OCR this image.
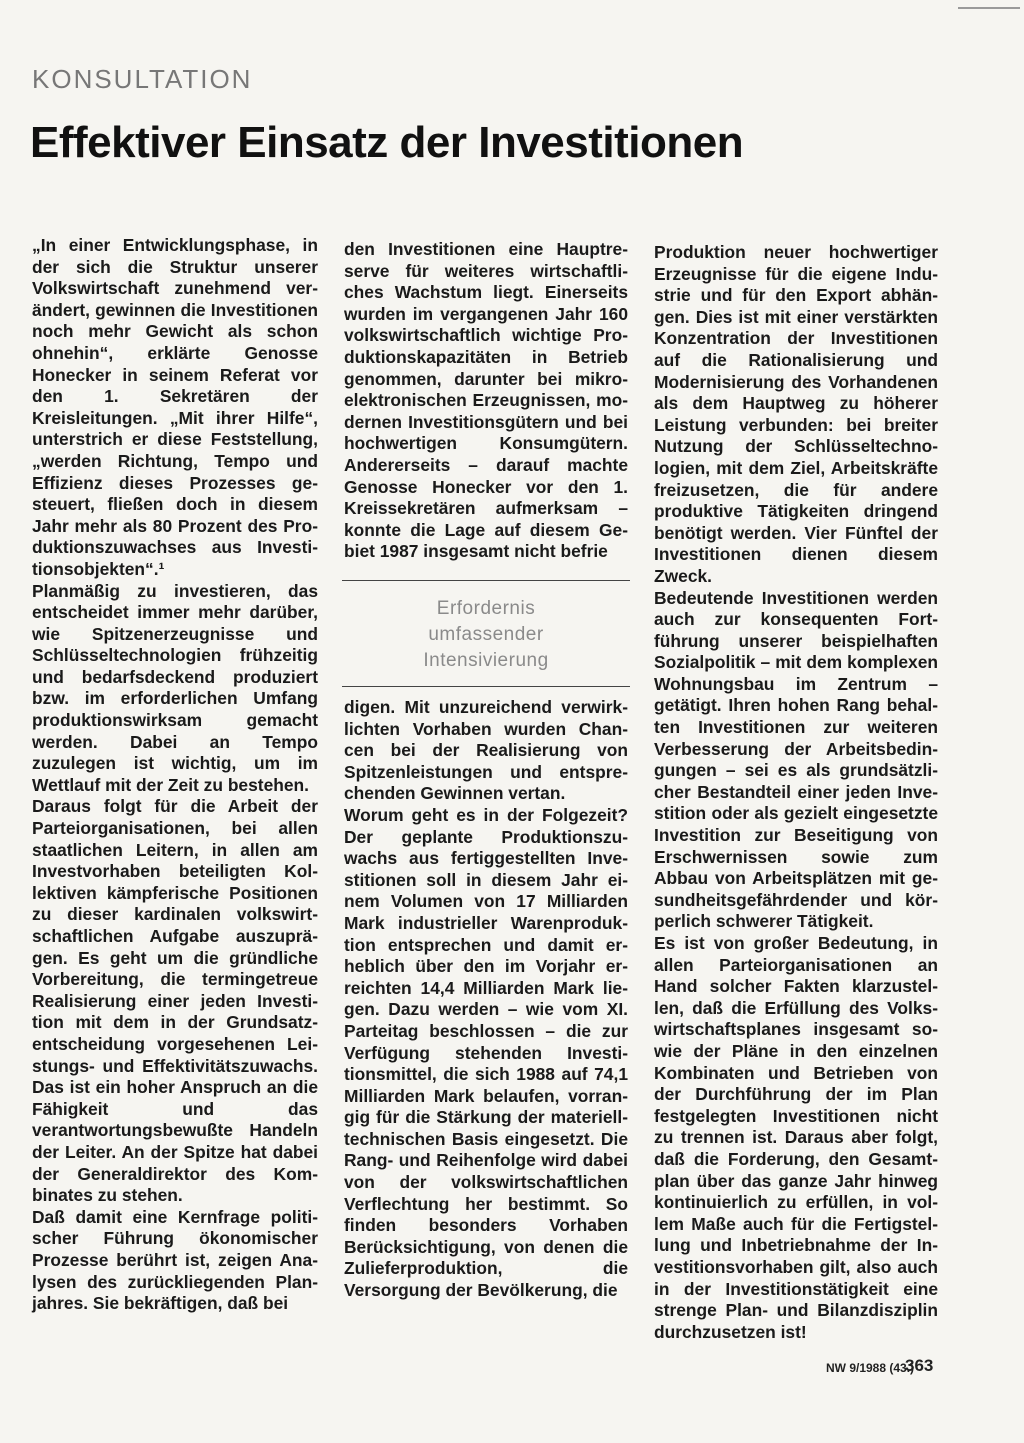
KONSULTATION
Effektiver Einsatz der Investitionen

„In einer Entwicklungsphase, in der sich die Struktur unserer Volkswirtschaft zunehmend verändert, gewinnen die Investitionen noch mehr Gewicht als schon ohnehin“, erklärte Genosse Honecker in seinem Referat vor den 1. Sekretären der Kreisleitungen. „Mit ihrer Hilfe“, unterstrich er diese Feststellung, „werden Richtung, Tempo und Effizienz dieses Prozesses gesteuert, fließen doch in diesem Jahr mehr als 80 Prozent des Produktionszuwachses aus Investitionsobjekten“.¹

Planmäßig zu investieren, das entscheidet immer mehr darüber, wie Spitzenerzeugnisse und Schlüsseltechnologien frühzeitig und bedarfsdeckend produziert bzw. im erforderlichen Umfang produktionswirksam gemacht werden. Dabei an Tempo zuzulegen ist wichtig, um im Wettlauf mit der Zeit zu bestehen.

Daraus folgt für die Arbeit der Parteiorganisationen, bei allen staatlichen Leitern, in allen am Investvorhaben beteiligten Kollektiven kämpferische Positionen zu dieser kardinalen volkswirtschaftlichen Aufgabe auszuprägen. Es geht um die gründliche Vorbereitung, die termingetreue Realisierung einer jeden Investition mit dem in der Grundsatzentscheidung vorgesehenen Leistungs- und Effektivitätszuwachs. Das ist ein hoher Anspruch an die Fähigkeit und das verantwortungsbewußte Handeln der Leiter. An der Spitze hat dabei der Generaldirektor des Kombinates zu stehen.

Daß damit eine Kernfrage politischer Führung ökonomischer Prozesse berührt ist, zeigen Analysen des zurückliegenden Planjahres. Sie bekräftigen, daß bei

den Investitionen eine Hauptreserve für weiteres wirtschaftliches Wachstum liegt. Einerseits wurden im vergangenen Jahr 160 volkswirtschaftlich wichtige Produktionskapazitäten in Betrieb genommen, darunter bei mikroelektronischen Erzeugnissen, modernen Investitionsgütern und bei hochwertigen Konsumgütern. Andererseits – darauf machte Genosse Honecker vor den 1. Kreissekretären aufmerksam – konnte die Lage auf diesem Gebiet 1987 insgesamt nicht befrie

Erfordernis
umfassender
Intensivierung

digen. Mit unzureichend verwirklichten Vorhaben wurden Chancen bei der Realisierung von Spitzenleistungen und entsprechenden Gewinnen vertan.

Worum geht es in der Folgezeit? Der geplante Produktionszuwachs aus fertiggestellten Investitionen soll in diesem Jahr einem Volumen von 17 Milliarden Mark industrieller Warenproduktion entsprechen und damit erheblich über den im Vorjahr erreichten 14,4 Milliarden Mark liegen. Dazu werden – wie vom XI. Parteitag beschlossen – die zur Verfügung stehenden Investitionsmittel, die sich 1988 auf 74,1 Milliarden Mark belaufen, vorrangig für die Stärkung der materiell-technischen Basis eingesetzt. Die Rang- und Reihenfolge wird dabei von der volkswirtschaftlichen Verflechtung her bestimmt. So finden besonders Vorhaben Berücksichtigung, von denen die Zulieferproduktion, die Versorgung der Bevölkerung, die

Produktion neuer hochwertiger Erzeugnisse für die eigene Industrie und für den Export abhängen. Dies ist mit einer verstärkten Konzentration der Investitionen auf die Rationalisierung und Modernisierung des Vorhandenen als dem Hauptweg zu höherer Leistung verbunden: bei breiter Nutzung der Schlüsseltechnologien, mit dem Ziel, Arbeitskräfte freizusetzen, die für andere produktive Tätigkeiten dringend benötigt werden. Vier Fünftel der Investitionen dienen diesem Zweck.

Bedeutende Investitionen werden auch zur konsequenten Fortführung unserer beispielhaften Sozialpolitik – mit dem komplexen Wohnungsbau im Zentrum – getätigt. Ihren hohen Rang behalten Investitionen zur weiteren Verbesserung der Arbeitsbedingungen – sei es als grundsätzlicher Bestandteil einer jeden Investition oder als gezielt eingesetzte Investition zur Beseitigung von Erschwernissen sowie zum Abbau von Arbeitsplätzen mit gesundheitsgefährdender und körperlich schwerer Tätigkeit.

Es ist von großer Bedeutung, in allen Parteiorganisationen an Hand solcher Fakten klarzustellen, daß die Erfüllung des Volkswirtschaftsplanes insgesamt sowie der Pläne in den einzelnen Kombinaten und Betrieben von der Durchführung der im Plan festgelegten Investitionen nicht zu trennen ist. Daraus aber folgt, daß die Forderung, den Gesamtplan über das ganze Jahr hinweg kontinuierlich zu erfüllen, in vollem Maße auch für die Fertigstellung und Inbetriebnahme der Investitionsvorhaben gilt, also auch in der Investitionstätigkeit eine strenge Plan- und Bilanzdisziplin durchzusetzen ist!

NW 9/1988 (43.)
363
